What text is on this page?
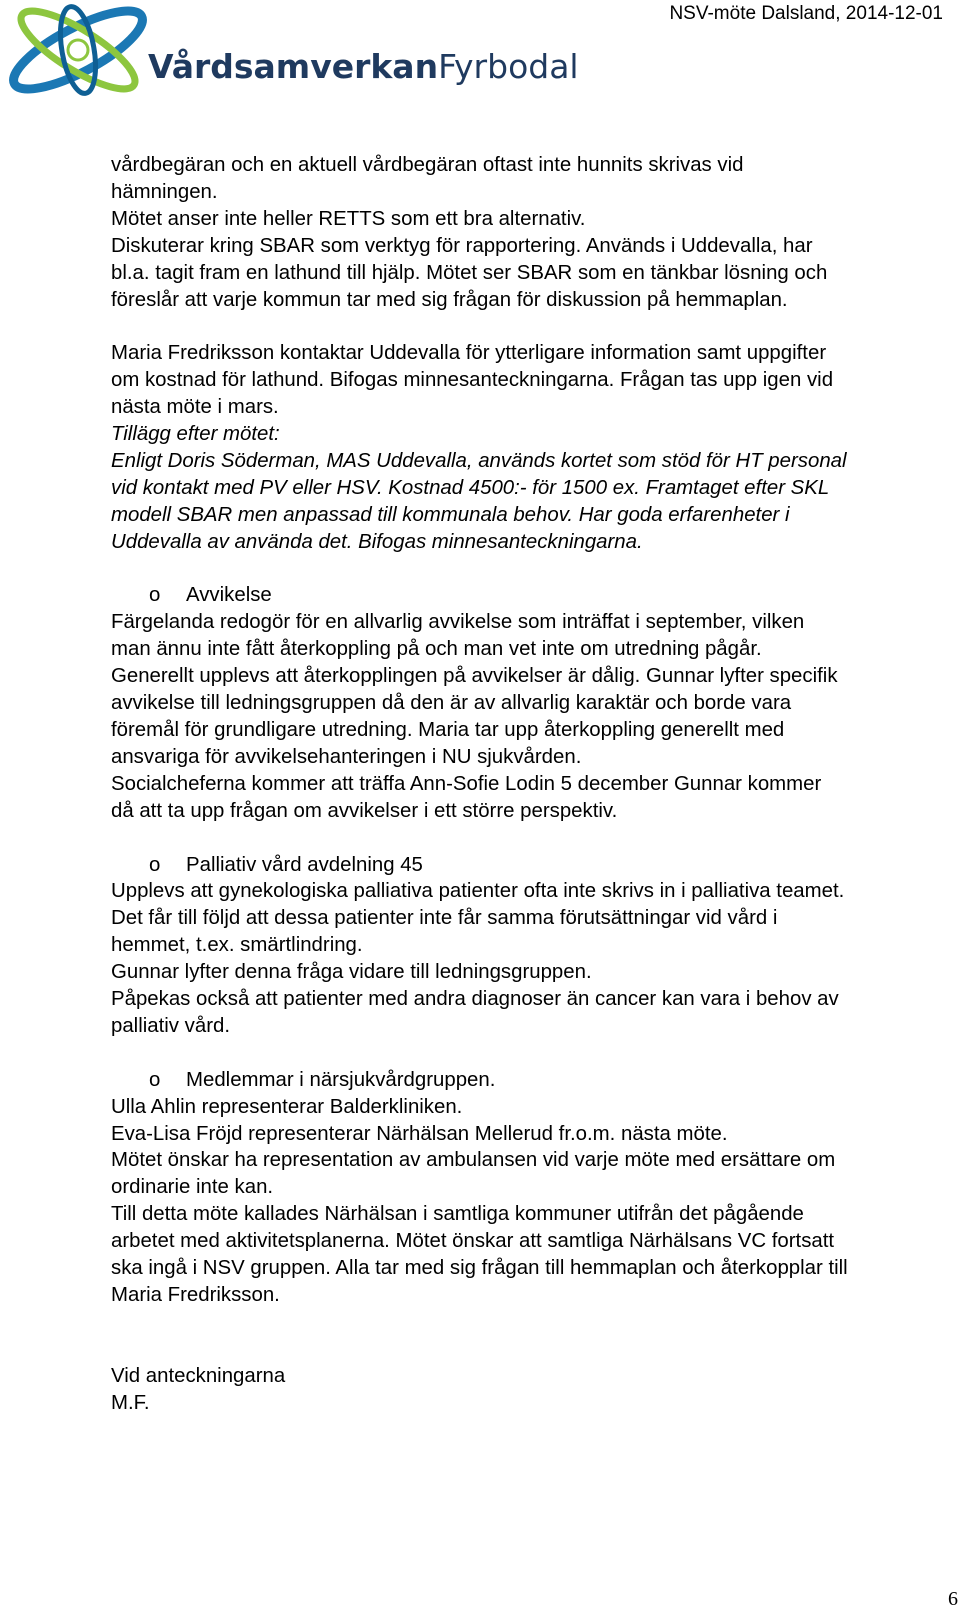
VårdsamverkanFyrbodal
NSV-möte Dalsland, 2014-12-01

vårdbegäran och en aktuell vårdbegäran oftast inte hunnits skrivas vid

hämningen.

Mötet anser inte heller RETTS som ett bra alternativ.

Diskuterar kring SBAR som verktyg för rapportering. Används i Uddevalla, har

bl.a. tagit fram en lathund till hjälp. Mötet ser SBAR som en tänkbar lösning och

föreslår att varje kommun tar med sig frågan för diskussion på hemmaplan.

Maria Fredriksson kontaktar Uddevalla för ytterligare information samt uppgifter

om kostnad för lathund. Bifogas minnesanteckningarna. Frågan tas upp igen vid

nästa möte i mars.

Tillägg efter mötet:

Enligt Doris Söderman, MAS Uddevalla, används kortet som stöd för HT personal

vid kontakt med PV eller HSV. Kostnad 4500:- för 1500 ex. Framtaget efter SKL

modell SBAR men anpassad till kommunala behov. Har goda erfarenheter i

Uddevalla av använda det. Bifogas minnesanteckningarna.

o Avvikelse

Färgelanda redogör för en allvarlig avvikelse som inträffat i september, vilken

man ännu inte fått återkoppling på och man vet inte om utredning pågår.

Generellt upplevs att återkopplingen på avvikelser är dålig. Gunnar lyfter specifik

avvikelse till ledningsgruppen då den är av allvarlig karaktär och borde vara

föremål för grundligare utredning. Maria tar upp återkoppling generellt med

ansvariga för avvikelsehanteringen i NU sjukvården.

Socialcheferna kommer att träffa Ann-Sofie Lodin 5 december Gunnar kommer

då att ta upp frågan om avvikelser i ett större perspektiv.

o Palliativ vård avdelning 45

Upplevs att gynekologiska palliativa patienter ofta inte skrivs in i palliativa teamet.

Det får till följd att dessa patienter inte får samma förutsättningar vid vård i

hemmet, t.ex. smärtlindring.

Gunnar lyfter denna fråga vidare till ledningsgruppen.

Påpekas också att patienter med andra diagnoser än cancer kan vara i behov av

palliativ vård.

o Medlemmar i närsjukvårdgruppen.

Ulla Ahlin representerar Balderkliniken.

Eva-Lisa Fröjd representerar Närhälsan Mellerud fr.o.m. nästa möte.

Mötet önskar ha representation av ambulansen vid varje möte med ersättare om

ordinarie inte kan.

Till detta möte kallades Närhälsan i samtliga kommuner utifrån det pågående

arbetet med aktivitetsplanerna. Mötet önskar att samtliga Närhälsans VC fortsatt

ska ingå i NSV gruppen. Alla tar med sig frågan till hemmaplan och återkopplar till

Maria Fredriksson.

Vid anteckningarna

M.F.

6
